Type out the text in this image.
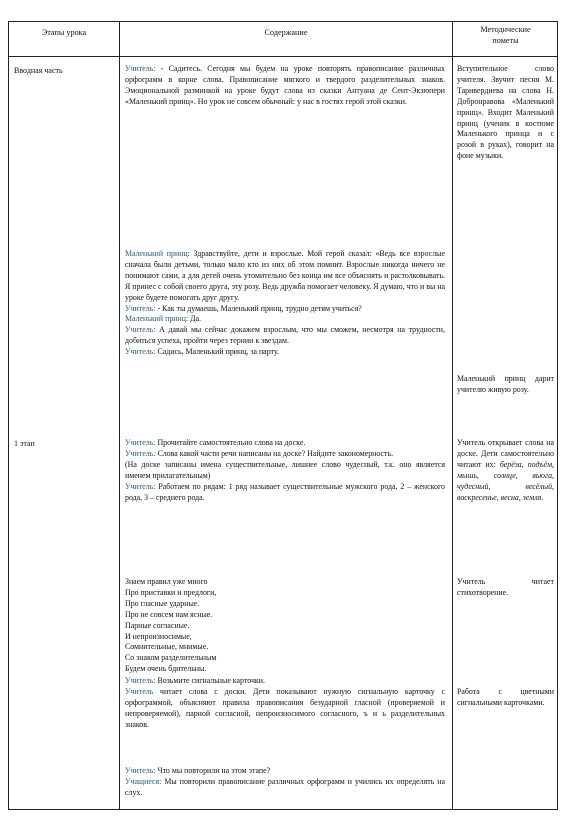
Этапы урока	Содержание	Методические
пометы
Вводная часть
1 этап

Учитель: - Садитесь. Сегодня мы будем на уроке повторять правописание различных орфограмм в корне слова. Правописание мягкого и твердого разделительных знаков. Эмоциональной разминкой на уроке будут слова из сказки Антуана де Сент-Экзюпери «Маленький принц». Но урок не совсем обычный: у нас в гостях герой этой сказки.

Маленький принц: Здравствуйте, дети и взрослые. Мой герой сказал: «Ведь все взрослые сначала были детьми, только мало кто из них об этом помнит. Взрослые никогда ничего не понимают сами, а для детей очень утомительно без конца им все объяснять и растолковывать. Я принес с собой своего друга, эту розу. Ведь дружба помогает человеку. Я думаю, что и вы на уроке будете помогать друг другу.

Учитель: - Как ты думаешь, Маленький принц, трудно детям учиться?

Маленький принц: Да.

Учитель: А давай мы сейчас докажем взрослым, что мы сможем, несмотря на трудности, добиться успеха, пройти через тернии к звездам.

Учитель: Садись, Маленький принц, за парту.

Учитель: Прочитайте самостоятельно слова на доске.

Учитель: Слова какой части речи написаны на доске? Найдите закономерность.

(На доске записаны имена существительные, лишнее слово чудесный, т.к. оно является именем прилагательным)

Учитель: Работаем по рядам: 1 ряд называет существительные мужского рода, 2 – женского рода, 3 – среднего рода.

Знаем правил уже много

Про приставки и предлоги,

Про гласные ударные.

Про не совсем нам ясные.

Парные согласные.

И непроизносимые,

Сомнительные, мнимые.

Со знаком разделительным

Будем очень бдительны.

Учитель: Возьмите сигнальные карточки.

Учитель читает слова с доски. Дети показывают нужную сигнальную карточку с орфограммой, объясняют правила правописания безударной гласной (проверяемой и непроверяемой), парной согласной, непроизносимого согласного, ъ и ь разделительных знаков.

Учитель: Что мы повторили на этом этапе?

Учащиеся: Мы повторили правописание различных орфограмм и учились их определять на слух.

Вступительное слово учителя. Звучит песня М. Таривердиева на слова Н. Добронравова «Маленький принц». Входит Маленький принц (ученик в костюме Маленького принца и с розой в руках), говорит на фоне музыки.
Маленький принц дарит учителю живую розу.
Учитель открывает слова на доске. Дети самостоятельно читают их: берёза, подъём, мышь, солнце, вьюга, чудесный, весёлый, воскресенье, весна, земля.
Учитель читает стихотворение.
Работа с цветными сигнальными карточками.
